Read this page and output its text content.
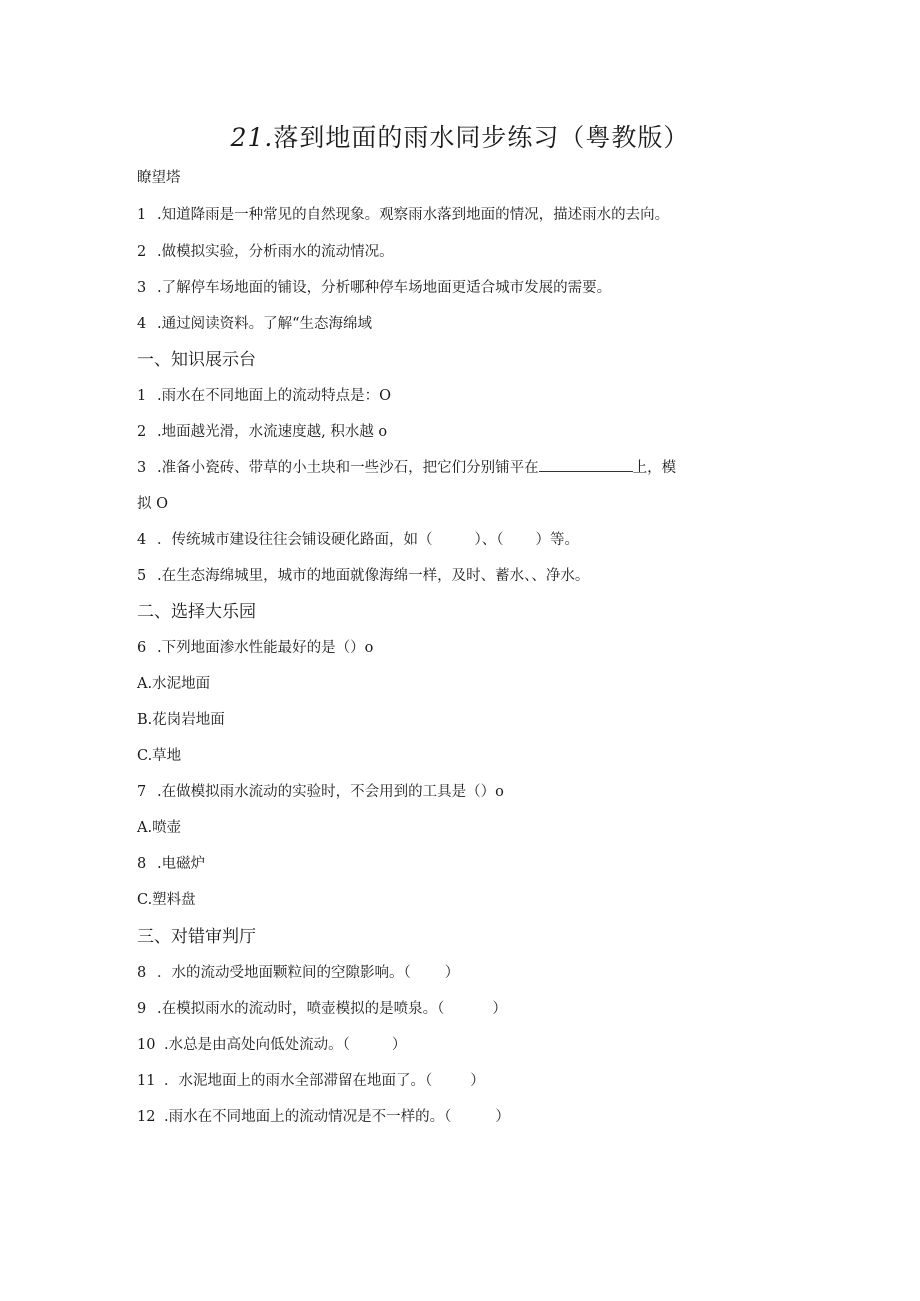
21.落到地面的雨水同步练习（粤教版）
瞭望塔
1 .知道降雨是一种常见的自然现象。观察雨水落到地面的情况，描述雨水的去向。
2 .做模拟实验，分析雨水的流动情况。
3 .了解停车场地面的铺设，分析哪种停车场地面更适合城市发展的需要。
4 .通过阅读资料。了解“生态海绵域
一、知识展示台
1 .雨水在不同地面上的流动特点是：O
2 .地面越光滑，水流速度越, 积水越 o
3 .准备小瓷砖、带草的小土块和一些沙石，把它们分别铺平在	上，模
拟 O
4 ．传统城市建设往往会铺设硬化路面，如（	）、（ ）等。
5 .在生态海绵城里，城市的地面就像海绵一样，及时、蓄水、、净水。
二、选择大乐园
6 .下列地面渗水性能最好的是（）o
A.水泥地面
B.花岗岩地面
C.草地
7 .在做模拟雨水流动的实验时，不会用到的工具是（）o
A.喷壶
8 .电磁炉
C.塑料盘
三、对错审判厅
8 ．水的流动受地面颗粒间的空隙影响。（ ）
9 .在模拟雨水的流动时，喷壶模拟的是喷泉。（	）
10 .水总是由高处向低处流动。（	）
11 ．水泥地面上的雨水全部滞留在地面了。（	）
12 .雨水在不同地面上的流动情况是不一样的。（	）
